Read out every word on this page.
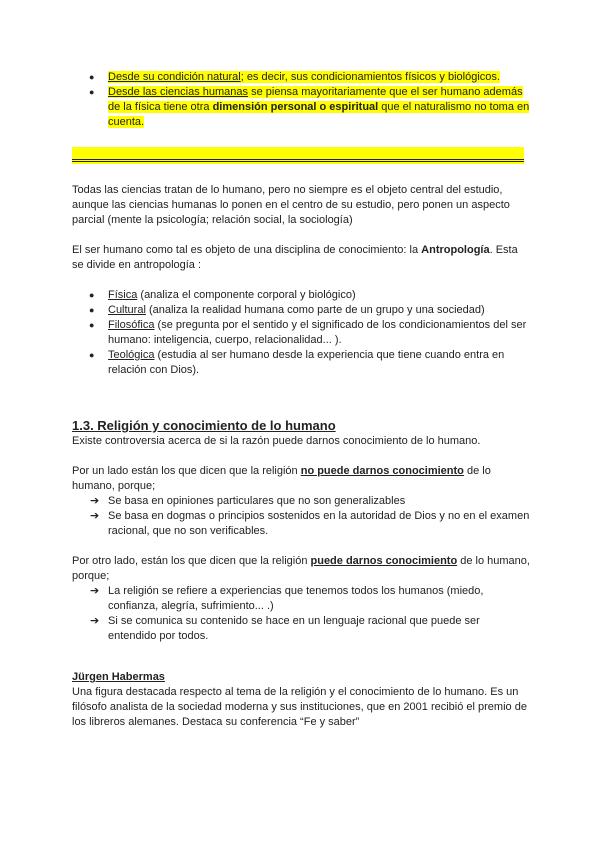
● Desde su condición natural; es decir, sus condicionamientos físicos y biológicos.
● Desde las ciencias humanas se piensa mayoritariamente que el ser humano además de la física tiene otra dimensión personal o espiritual que el naturalismo no toma en cuenta.
Todas las ciencias tratan de lo humano, pero no siempre es el objeto central del estudio, aunque las ciencias humanas lo ponen en el centro de su estudio, pero ponen un aspecto parcial (mente la psicología; relación social, la sociología)
El ser humano como tal es objeto de una disciplina de conocimiento: la Antropología. Esta se divide en antropología :
● Física (analiza el componente corporal y biológico)
● Cultural (analiza la realidad humana como parte de un grupo y una sociedad)
● Filosófica (se pregunta por el sentido y el significado de los condicionamientos del ser humano: inteligencia, cuerpo, relacionalidad... ).
● Teológica (estudia al ser humano desde la experiencia que tiene cuando entra en relación con Dios).
1.3. Religión y conocimiento de lo humano
Existe controversia acerca de si la razón puede darnos conocimiento de lo humano.
Por un lado están los que dicen que la religión no puede darnos conocimiento de lo humano, porque;
➔ Se basa en opiniones particulares que no son generalizables
➔ Se basa en dogmas o principios sostenidos en la autoridad de Dios y no en el examen racional, que no son verificables.
Por otro lado, están los que dicen que la religión puede darnos conocimiento de lo humano, porque;
➔ La religión se refiere a experiencias que tenemos todos los humanos (miedo, confianza, alegría, sufrimiento... .)
➔ Si se comunica su contenido se hace en un lenguaje racional que puede ser entendido por todos.
Jürgen Habermas
Una figura destacada respecto al tema de la religión y el conocimiento de lo humano. Es un filósofo analista de la sociedad moderna y sus instituciones, que en 2001 recibió el premio de los libreros alemanes. Destaca su conferencia “Fe y saber”
